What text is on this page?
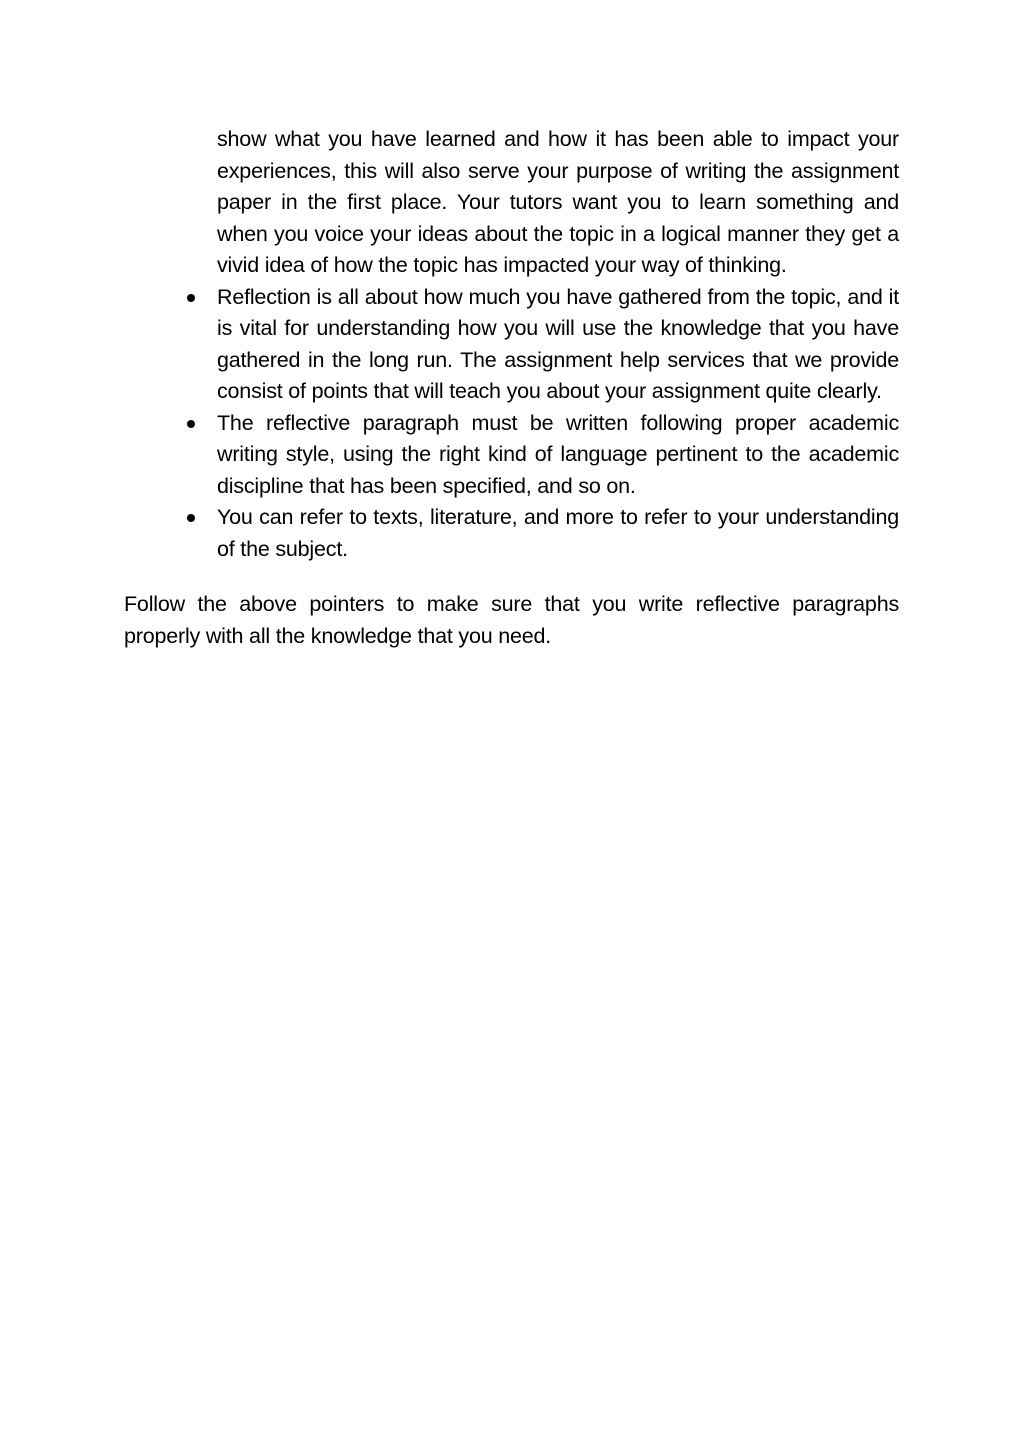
show what you have learned and how it has been able to impact your experiences, this will also serve your purpose of writing the assignment paper in the first place. Your tutors want you to learn something and when you voice your ideas about the topic in a logical manner they get a vivid idea of how the topic has impacted your way of thinking.

Reflection is all about how much you have gathered from the topic, and it is vital for understanding how you will use the knowledge that you have gathered in the long run. The assignment help services that we provide consist of points that will teach you about your assignment quite clearly.

The reflective paragraph must be written following proper academic writing style, using the right kind of language pertinent to the academic discipline that has been specified, and so on.

You can refer to texts, literature, and more to refer to your understanding of the subject.

Follow the above pointers to make sure that you write reflective paragraphs properly with all the knowledge that you need.
